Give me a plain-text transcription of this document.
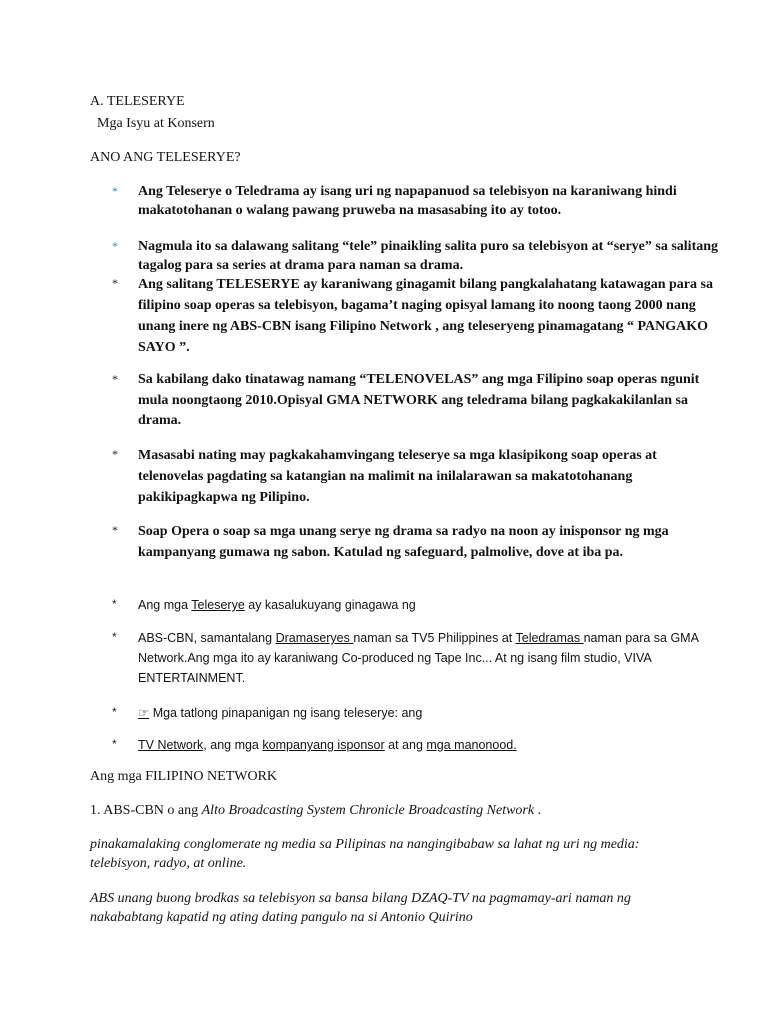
A. TELESERYE
Mga Isyu at Konsern
ANO ANG TELESERYE?
* Ang Teleserye o Teledrama ay isang uri ng napapanuod sa telebisyon na karaniwang hindi makatotohanan o walang pawang pruweba na masasabing ito ay totoo.
* Nagmula ito sa dalawang salitang “tele” pinaikling salita puro sa telebisyon at “serye” sa salitang tagalog para sa series at drama para naman sa drama.
* Ang salitang TELESERYE ay karaniwang ginagamit bilang pangkalahatang katawagan para sa filipino soap operas sa telebisyon, bagama’t naging opisyal lamang ito noong taong 2000 nang unang inere ng ABS-CBN isang Filipino Network , ang teleseryeng pinamagatang “ PANGAKO SAYO ”.
* Sa kabilang dako tinatawag namang “TELENOVELAS” ang mga Filipino soap operas ngunit mula noongtaong 2010.Opisyal GMA NETWORK ang teledrama bilang pagkakakilanlan sa drama.
* Masasabi nating may pagkakahamvingang teleserye sa mga klasipikong soap operas at telenovelas pagdating sa katangian na malimit na inilalarawan sa makatotohanang pakikipagkapwa ng Pilipino.
* Soap Opera o soap sa mga unang serye ng drama sa radyo na noon ay inisponsor ng mga kampanyang gumawa ng sabon. Katulad ng safeguard, palmolive, dove at iba pa.
* Ang mga Teleserye ay kasalukuyang ginagawa ng
* ABS-CBN, samantalang Dramaseryes naman sa TV5 Philippines at Teledramas naman para sa GMA Network.Ang mga ito ay karaniwang Co-produced ng Tape Inc... At ng isang film studio, VIVA ENTERTAINMENT.
* ☞ Mga tatlong pinapanigan ng isang teleserye: ang
* TV Network, ang mga kompanyang isponsor at ang mga manonood.
Ang mga FILIPINO NETWORK
1. ABS-CBN o ang Alto Broadcasting System Chronicle Broadcasting Network .
pinakamalaking conglomerate ng media sa Pilipinas na nangingibabaw sa lahat ng uri ng media: telebisyon, radyo, at online.
ABS unang buong brodkas sa telebisyon sa bansa bilang DZAQ-TV na pagmamay-ari naman ng nakababtang kapatid ng ating dating pangulo na si Antonio Quirino
